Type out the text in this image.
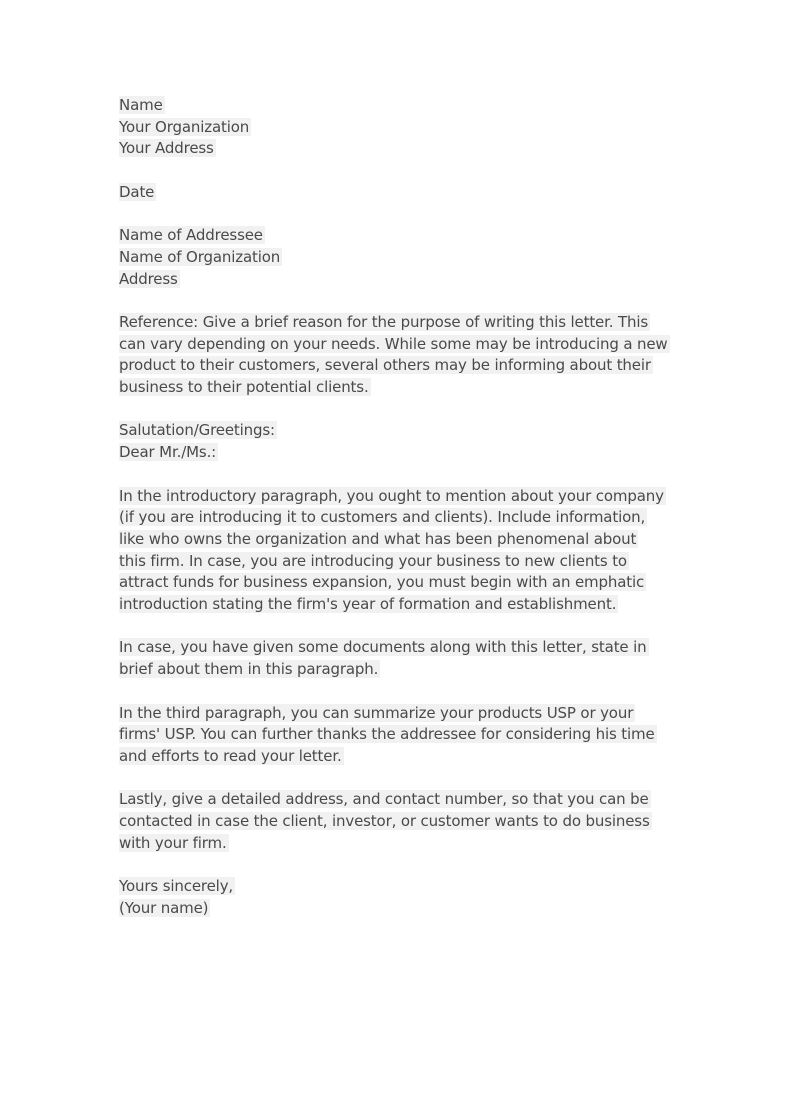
Name
Your Organization
Your Address
Date
Name of Addressee
Name of Organization
Address
Reference: Give a brief reason for the purpose of writing this letter. This
can vary depending on your needs. While some may be introducing a new
product to their customers, several others may be informing about their
business to their potential clients.
Salutation/Greetings:
Dear Mr./Ms.:
In the introductory paragraph, you ought to mention about your company
(if you are introducing it to customers and clients). Include information,
like who owns the organization and what has been phenomenal about
this firm. In case, you are introducing your business to new clients to
attract funds for business expansion, you must begin with an emphatic
introduction stating the firm's year of formation and establishment.
In case, you have given some documents along with this letter, state in
brief about them in this paragraph.
In the third paragraph, you can summarize your products USP or your
firms' USP. You can further thanks the addressee for considering his time
and efforts to read your letter.
Lastly, give a detailed address, and contact number, so that you can be
contacted in case the client, investor, or customer wants to do business
with your firm.
Yours sincerely,
(Your name)
